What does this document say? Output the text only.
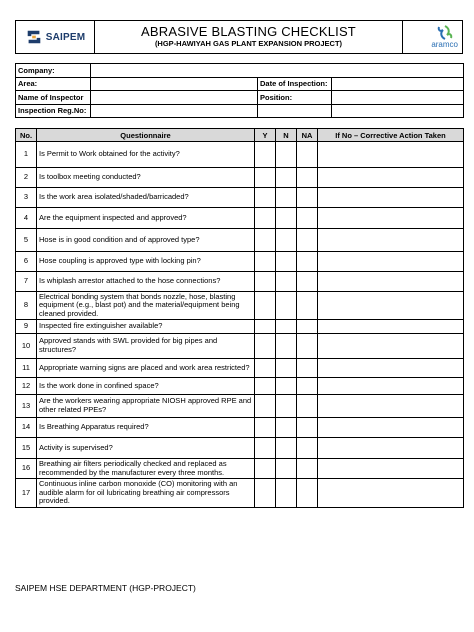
SAIPEM	ABRASIVE BLASTING CHECKLIST
(HGP-HAWIYAH GAS PLANT EXPANSION PROJECT)	aramco
Company:			
Area:		Date of Inspection:	
Name of Inspector		Position:	
Inspection Reg.No:			
No.	Questionnaire	Y	N	NA	If No – Corrective Action Taken
1	Is Permit to Work obtained for the activity?				
2	Is toolbox meeting conducted?				
3	Is the work area isolated/shaded/barricaded?				
4	Are the equipment inspected and approved?				
5	Hose is in good condition and of approved type?				
6	Hose coupling is approved type with locking pin?				
7	Is whiplash arrestor attached to the hose connections?				
8	Electrical bonding system that bonds nozzle, hose, blasting equipment (e.g., blast pot) and the material/equipment being cleaned provided.				
9	Inspected fire extinguisher available?				
10	Approved stands with SWL provided for big pipes and structures?				
11	Appropriate warning signs are placed and work area restricted?				
12	Is the work done in confined space?				
13	Are the workers wearing appropriate NIOSH approved RPE and other related PPEs?				
14	Is Breathing Apparatus required?				
15	Activity is supervised?				
16	Breathing air filters periodically checked and replaced as recommended by the manufacturer every three months.				
17	Continuous inline carbon monoxide (CO) monitoring with an audible alarm for oil lubricating breathing air compressors provided.				
SAIPEM HSE DEPARTMENT (HGP-PROJECT)
